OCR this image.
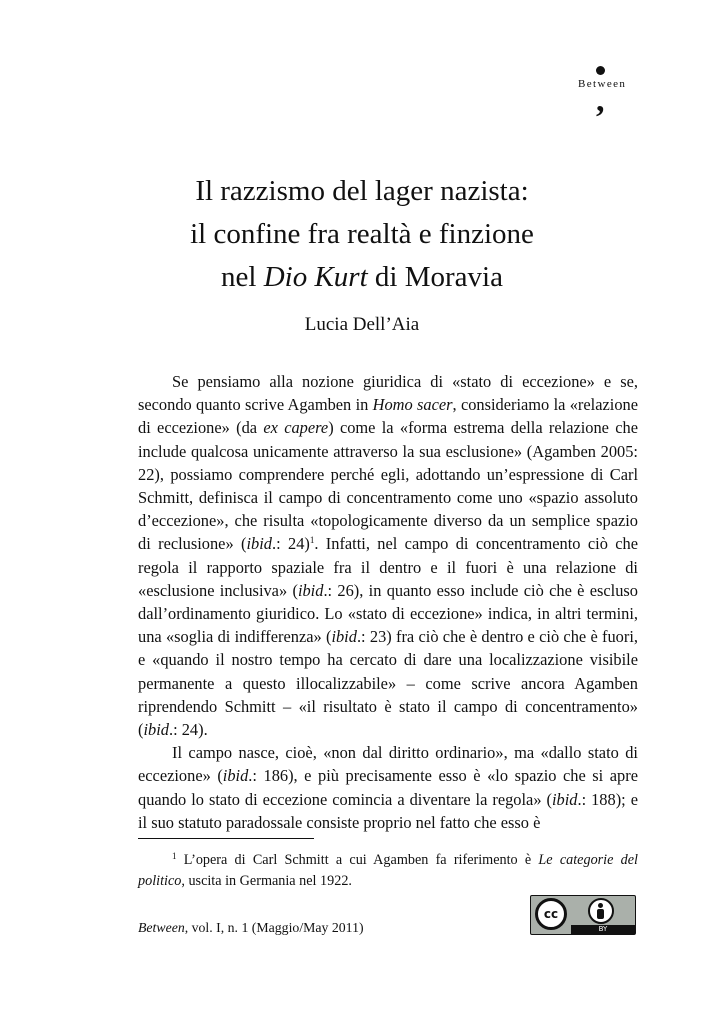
Between
,
Il razzismo del lager nazista:
il confine fra realtà e finzione
nel Dio Kurt di Moravia
Lucia Dell’Aia

Se pensiamo alla nozione giuridica di «stato di eccezione» e se, secondo quanto scrive Agamben in Homo sacer, consideriamo la «relazione di eccezione» (da ex capere) come la «forma estrema della relazione che include qualcosa unicamente attraverso la sua esclusione» (Agamben 2005: 22), possiamo comprendere perché egli, adottando un’espressione di Carl Schmitt, definisca il campo di concentramento come uno «spazio assoluto d’eccezione», che risulta «topologicamente diverso da un semplice spazio di reclusione» (ibid.: 24)$^1$. Infatti, nel campo di concentramento ciò che regola il rapporto spaziale fra il dentro e il fuori è una relazione di «esclusione inclusiva» (ibid.: 26), in quanto esso include ciò che è escluso dall’ordinamento giuridico. Lo «stato di eccezione» indica, in altri termini, una «soglia di indifferenza» (ibid.: 23) fra ciò che è dentro e ciò che è fuori, e «quando il nostro tempo ha cercato di dare una localizzazione visibile permanente a questo illocalizzabile» – come scrive ancora Agamben riprendendo Schmitt – «il risultato è stato il campo di concentramento» (ibid.: 24).

Il campo nasce, cioè, «non dal diritto ordinario», ma «dallo stato di eccezione» (ibid.: 186), e più precisamente esso è «lo spazio che si apre quando lo stato di eccezione comincia a diventare la regola» (ibid.: 188); e il suo statuto paradossale consiste proprio nel fatto che esso è

$^1$ L’opera di Carl Schmitt a cui Agamben fa riferimento è Le categorie del politico, uscita in Germania nel 1922.

Between, vol. I, n. 1 (Maggio/May 2011)
cc
BY
